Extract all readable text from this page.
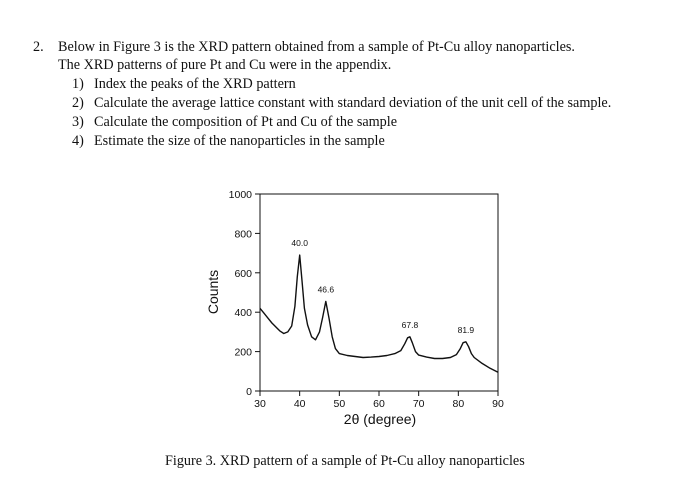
2. Below in Figure 3 is the XRD pattern obtained from a sample of Pt-Cu alloy nanoparticles.
The XRD patterns of pure Pt and Cu were in the appendix.
1) Index the peaks of the XRD pattern
2) Calculate the average lattice constant with standard deviation of the unit cell of the sample.
3) Calculate the composition of Pt and Cu of the sample
4) Estimate the size of the nanoparticles in the sample
0
200
400
600
800
1000
30	40	50	60	70	80	90
40.0
46.6
67.8	81.9
2θ (degree)
Counts
Figure 3. XRD pattern of a sample of Pt-Cu alloy nanoparticles
